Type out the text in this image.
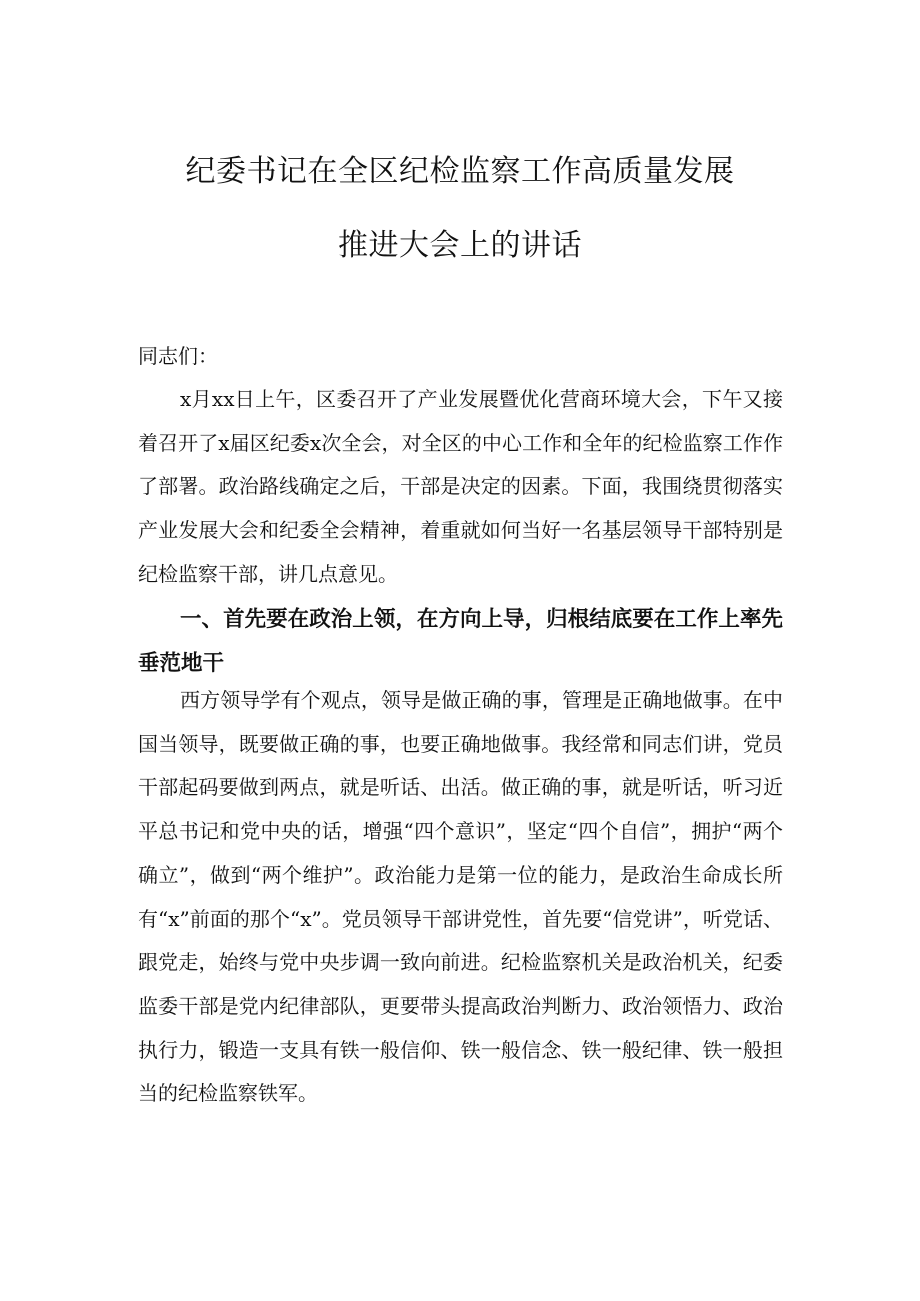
纪委书记在全区纪检监察工作高质量发展
推进大会上的讲话

同志们：

x月xx日上午，区委召开了产业发展暨优化营商环境大会，下午又接着召开了x届区纪委x次全会，对全区的中心工作和全年的纪检监察工作作了部署。政治路线确定之后，干部是决定的因素。下面，我围绕贯彻落实产业发展大会和纪委全会精神，着重就如何当好一名基层领导干部特别是纪检监察干部，讲几点意见。

一、首先要在政治上领，在方向上导，归根结底要在工作上率先垂范地干

西方领导学有个观点，领导是做正确的事，管理是正确地做事。在中国当领导，既要做正确的事，也要正确地做事。我经常和同志们讲，党员干部起码要做到两点，就是听话、出活。做正确的事，就是听话，听习近平总书记和党中央的话，增强“四个意识”，坚定“四个自信”，拥护“两个确立”，做到“两个维护”。政治能力是第一位的能力，是政治生命成长所有“x”前面的那个“x”。党员领导干部讲党性，首先要“信党讲”，听党话、跟党走，始终与党中央步调一致向前进。纪检监察机关是政治机关，纪委监委干部是党内纪律部队，更要带头提高政治判断力、政治领悟力、政治执行力，锻造一支具有铁一般信仰、铁一般信念、铁一般纪律、铁一般担当的纪检监察铁军。
